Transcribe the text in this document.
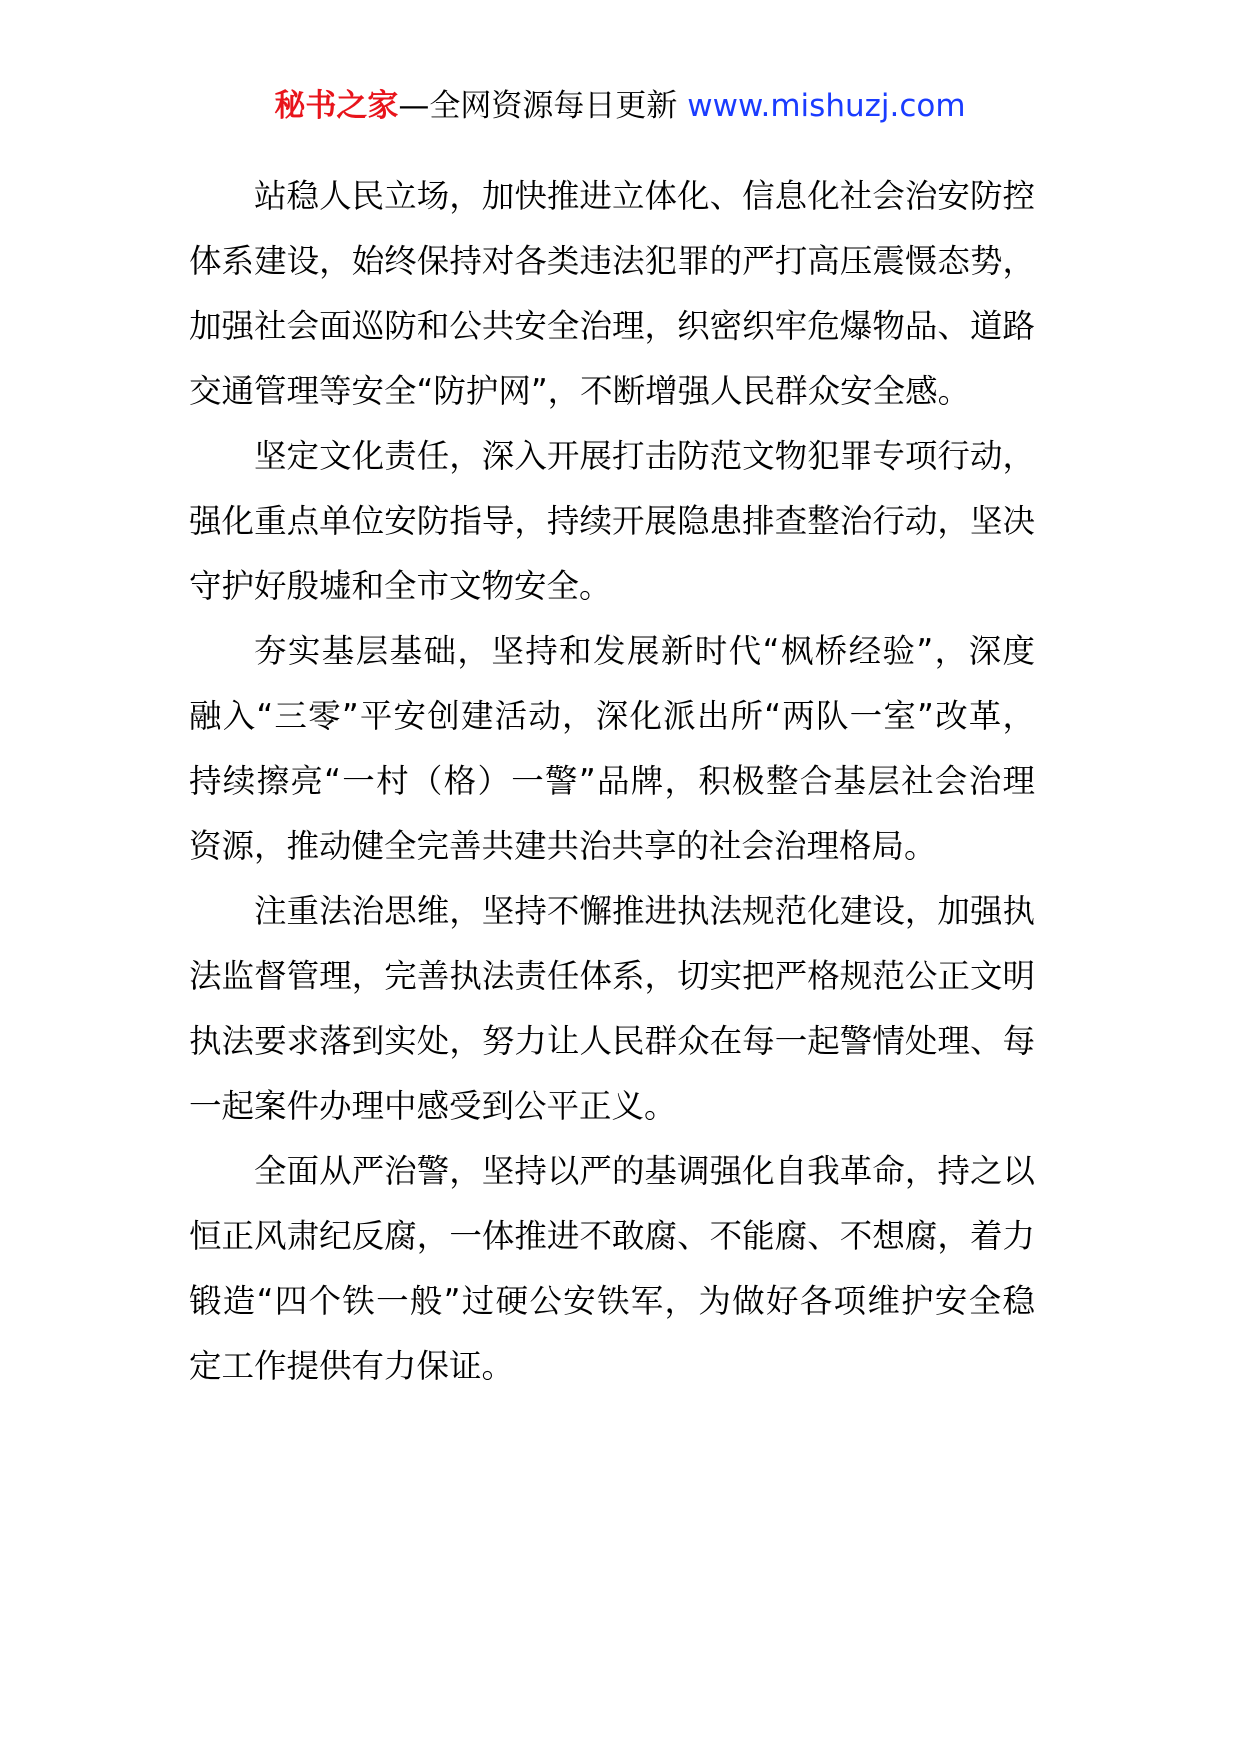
秘书之家—全网资源每日更新 www.mishuzj.com

站稳人民立场，加快推进立体化、信息化社会治安防控体系建设，始终保持对各类违法犯罪的严打高压震慑态势，加强社会面巡防和公共安全治理，织密织牢危爆物品、道路交通管理等安全“防护网”，不断增强人民群众安全感。

坚定文化责任，深入开展打击防范文物犯罪专项行动，强化重点单位安防指导，持续开展隐患排查整治行动，坚决守护好殷墟和全市文物安全。

夯实基层基础，坚持和发展新时代“枫桥经验”，深度融入“三零”平安创建活动，深化派出所“两队一室”改革，持续擦亮“一村（格）一警”品牌，积极整合基层社会治理资源，推动健全完善共建共治共享的社会治理格局。

注重法治思维，坚持不懈推进执法规范化建设，加强执法监督管理，完善执法责任体系，切实把严格规范公正文明执法要求落到实处，努力让人民群众在每一起警情处理、每一起案件办理中感受到公平正义。

全面从严治警，坚持以严的基调强化自我革命，持之以恒正风肃纪反腐，一体推进不敢腐、不能腐、不想腐，着力锻造“四个铁一般”过硬公安铁军，为做好各项维护安全稳定工作提供有力保证。
